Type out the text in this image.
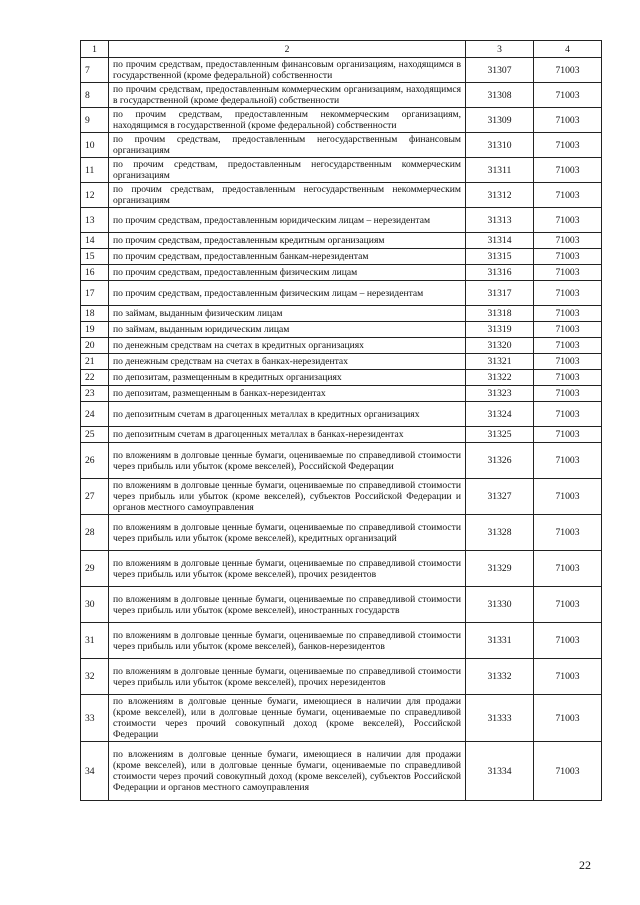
1	2	3	4
7	по прочим средствам, предоставленным финансовым организациям, находящимся в государственной (кроме федеральной) собственности	31307	71003
8	по прочим средствам, предоставленным коммерческим организациям, находящимся в государственной (кроме федеральной) собственности	31308	71003
9	по прочим средствам, предоставленным некоммерческим организациям, находящимся в государственной (кроме федеральной) собственности	31309	71003
10	по прочим средствам, предоставленным негосударственным финансовым организациям	31310	71003
11	по прочим средствам, предоставленным негосударственным коммерческим организациям	31311	71003
12	по прочим средствам, предоставленным негосударственным некоммерческим организациям	31312	71003
13	по прочим средствам, предоставленным юридическим лицам – нерезидентам	31313	71003
14	по прочим средствам, предоставленным кредитным организациям	31314	71003
15	по прочим средствам, предоставленным банкам-нерезидентам	31315	71003
16	по прочим средствам, предоставленным физическим лицам	31316	71003
17	по прочим средствам, предоставленным физическим лицам – нерезидентам	31317	71003
18	по займам, выданным физическим лицам	31318	71003
19	по займам, выданным юридическим лицам	31319	71003
20	по денежным средствам на счетах в кредитных организациях	31320	71003
21	по денежным средствам на счетах в банках-нерезидентах	31321	71003
22	по депозитам, размещенным в кредитных организациях	31322	71003
23	по депозитам, размещенным в банках-нерезидентах	31323	71003
24	по депозитным счетам в драгоценных металлах в кредитных организациях	31324	71003
25	по депозитным счетам в драгоценных металлах в банках-нерезидентах	31325	71003
26	по вложениям в долговые ценные бумаги, оцениваемые по справедливой стоимости через прибыль или убыток (кроме векселей), Российской Федерации	31326	71003
27	по вложениям в долговые ценные бумаги, оцениваемые по справедливой стоимости через прибыль или убыток (кроме векселей), субъектов Российской Федерации и органов местного самоуправления	31327	71003
28	по вложениям в долговые ценные бумаги, оцениваемые по справедливой стоимости через прибыль или убыток (кроме векселей), кредитных организаций	31328	71003
29	по вложениям в долговые ценные бумаги, оцениваемые по справедливой стоимости через прибыль или убыток (кроме векселей), прочих резидентов	31329	71003
30	по вложениям в долговые ценные бумаги, оцениваемые по справедливой стоимости через прибыль или убыток (кроме векселей), иностранных государств	31330	71003
31	по вложениям в долговые ценные бумаги, оцениваемые по справедливой стоимости через прибыль или убыток (кроме векселей), банков-нерезидентов	31331	71003
32	по вложениям в долговые ценные бумаги, оцениваемые по справедливой стоимости через прибыль или убыток (кроме векселей), прочих нерезидентов	31332	71003
33	по вложениям в долговые ценные бумаги, имеющиеся в наличии для продажи (кроме векселей), или в долговые ценные бумаги, оцениваемые по справедливой стоимости через прочий совокупный доход (кроме векселей), Российской Федерации	31333	71003
34	по вложениям в долговые ценные бумаги, имеющиеся в наличии для продажи (кроме векселей), или в долговые ценные бумаги, оцениваемые по справедливой стоимости через прочий совокупный доход (кроме векселей), субъектов Российской Федерации и органов местного самоуправления	31334	71003
22
